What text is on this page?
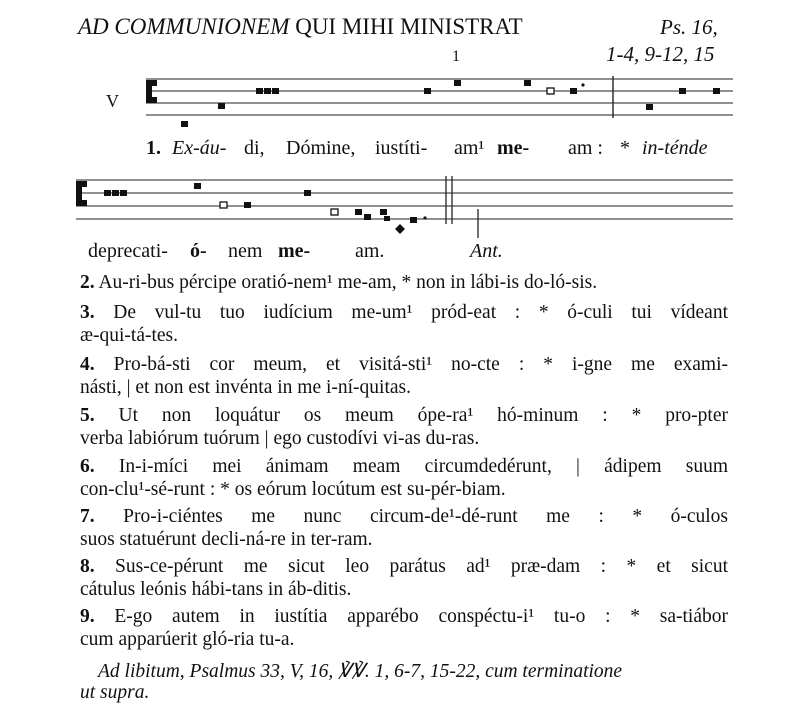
AD COMMUNIONEM QUI MIHI MINISTRAT	Ps. 16,
1-4, 9-12, 15
1
V
1. Ex-áu- di, Dómine, iustíti- am¹ me- am : * in-ténde
deprecati- ó- nem me- am.	Ant.
2. Au-ri-bus pércipe oratió-nem¹ me-am, * non in lábi-is do-ló-sis.
3. De vul-tu tuo iudícium me-um¹ pród-eat : * ó-culi tui vídeant
æ-qui-tá-tes.
4. Pro-bá-sti cor meum, et visitá-sti¹ no-cte : * i-gne me exami-
násti, | et non est invénta in me i-ní-quitas.
5. Ut non loquátur os meum ópe-ra¹ hó-minum : * pro-pter
verba labiórum tuórum | ego custodívi vi-as du-ras.
6. In-i-míci mei ánimam meam circumdedérunt, | ádipem suum
con-clu¹-sé-runt : * os eórum locútum est su-pér-biam.
7. Pro-i-ciéntes me nunc circum-de¹-dé-runt me : * ó-culos
suos statuérunt decli-ná-re in ter-ram.
8. Sus-ce-pérunt me sicut leo parátus ad¹ præ-dam : * et sicut
cátulus leónis hábi-tans in áb-ditis.
9. E-go autem in iustítia apparébo conspéctu-i¹ tu-o : * sa-tiábor
cum apparúerit gló-ria tu-a.
Ad libitum, Psalmus 33, V, 16, ℣℣. 1, 6-7, 15-22, cum terminatione
ut supra.
